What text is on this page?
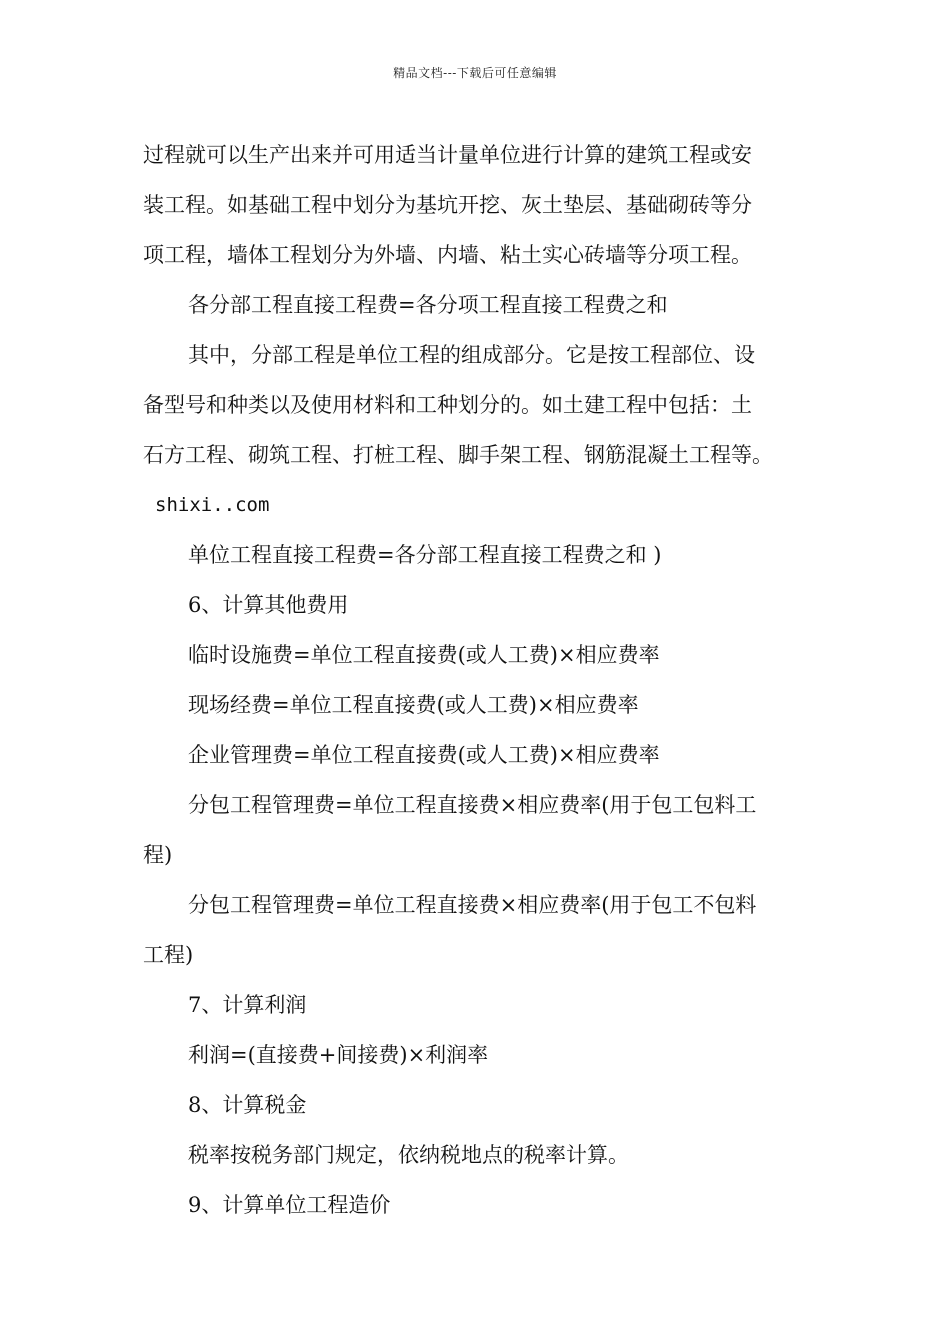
精品文档---下载后可任意编辑
过程就可以生产出来并可用适当计量单位进行计算的建筑工程或安
装工程。如基础工程中划分为基坑开挖、灰土垫层、基础砌砖等分
项工程，墙体工程划分为外墙、内墙、粘土实心砖墙等分项工程。
各分部工程直接工程费=各分项工程直接工程费之和
其中，分部工程是单位工程的组成部分。它是按工程部位、设
备型号和种类以及使用材料和工种划分的。如土建工程中包括：土
石方工程、砌筑工程、打桩工程、脚手架工程、钢筋混凝土工程等。
shixi..com
单位工程直接工程费=各分部工程直接工程费之和 )
6、计算其他费用
临时设施费=单位工程直接费(或人工费)×相应费率
现场经费=单位工程直接费(或人工费)×相应费率
企业管理费=单位工程直接费(或人工费)×相应费率
分包工程管理费=单位工程直接费×相应费率(用于包工包料工
程)
分包工程管理费=单位工程直接费×相应费率(用于包工不包料
工程)
7、计算利润
利润=(直接费+间接费)×利润率
8、计算税金
税率按税务部门规定，依纳税地点的税率计算。
9、计算单位工程造价
